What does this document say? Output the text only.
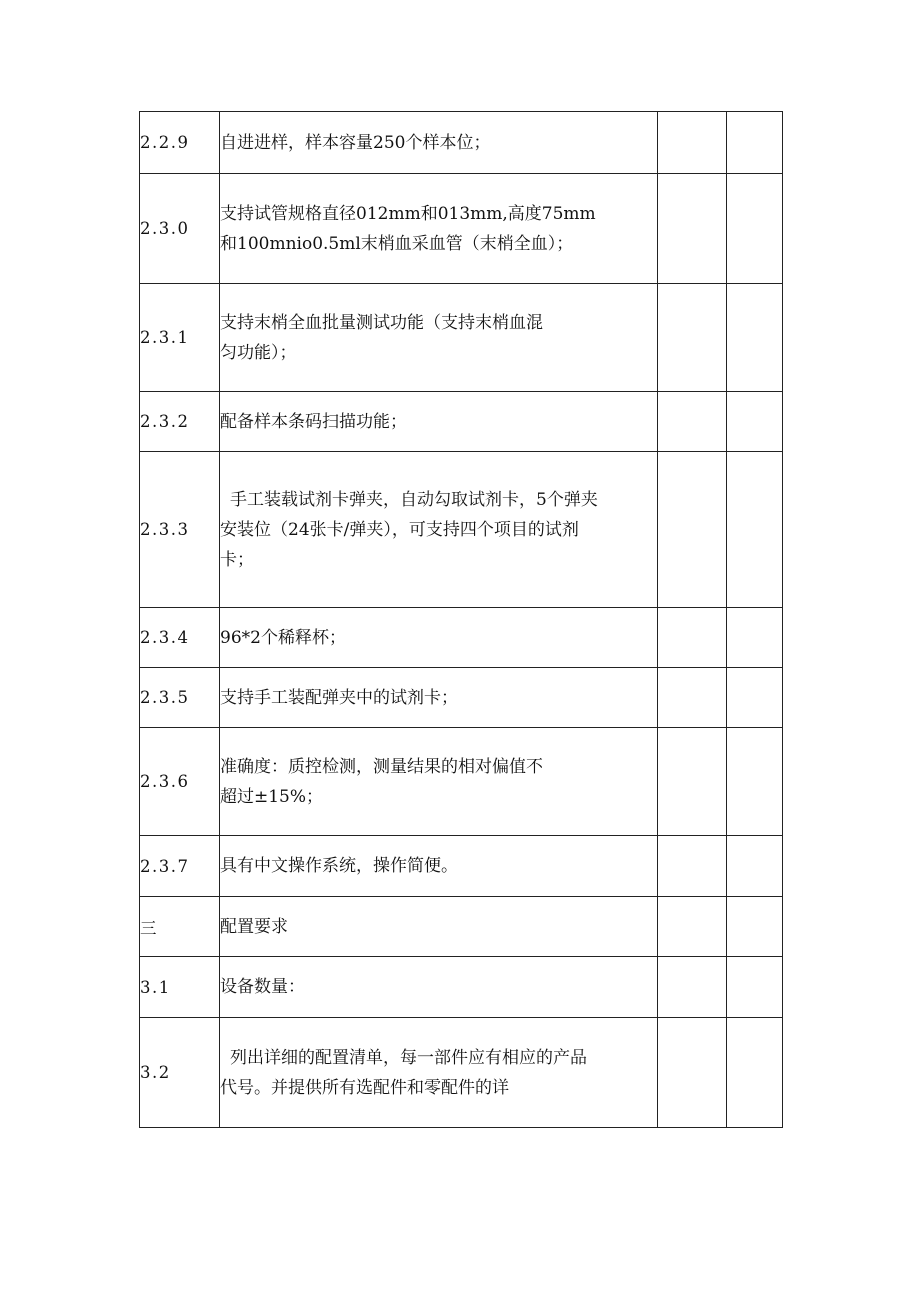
2.2.9	自进进样，样本容量250个样本位；		

2.3.0	支持试管规格直径012mm和013mm,高度75mm
和100mnio0.5ml末梢血采血管（末梢全血）；		

2.3.1	支持末梢全血批量测试功能（支持末梢血混
匀功能）；		

2.3.2	配备样本条码扫描功能；		

2.3.3	手工装载试剂卡弹夹，自动勾取试剂卡，5个弹夹
安装位（24张卡/弹夹），可支持四个项目的试剂
卡；		

2.3.4	96*2个稀释杯；		

2.3.5	支持手工装配弹夹中的试剂卡；		

2.3.6	准确度：质控检测，测量结果的相对偏值不
超过±15%；		

2.3.7	具有中文操作系统，操作简便。		

三	配置要求		

3.1	设备数量：		

3.2	列出详细的配置清单，每一部件应有相应的产品
代号。并提供所有选配件和零配件的详		
